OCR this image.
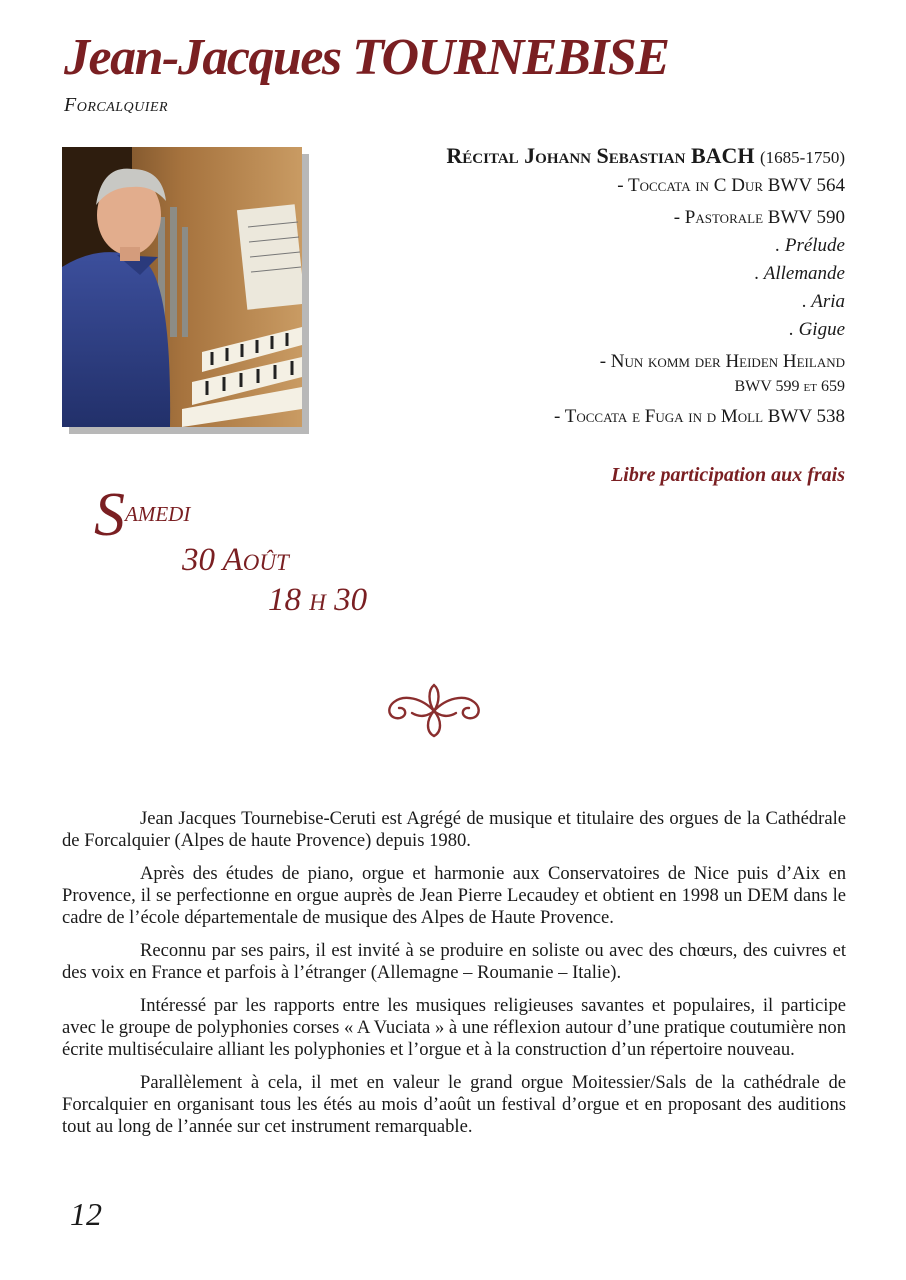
Jean-Jacques TOURNEBISE
Forcalquier
Récital Johann Sebastian BACH (1685-1750)
- Toccata in C Dur BWV 564
- Pastorale BWV 590
. Prélude
. Allemande
. Aria
. Gigue
- Nun komm der Heiden Heiland
BWV 599 et 659
- Toccata e Fuga in d Moll BWV 538
Libre participation aux frais
Samedi
30 Août
18 h 30

Jean Jacques Tournebise-Ceruti est Agrégé de musique et titulaire des orgues de la Cathédrale de Forcalquier (Alpes de haute Provence) depuis 1980.

Après des études de piano, orgue et harmonie aux Conservatoires de Nice puis d’Aix en Provence, il se perfectionne en orgue auprès de Jean Pierre Lecaudey et obtient en 1998 un DEM dans le cadre de l’école départementale de musique des Alpes de Haute Provence.

Reconnu par ses pairs, il est invité à se produire en soliste ou avec des chœurs, des cuivres et des voix en France et parfois à l’étranger (Allemagne – Roumanie – Italie).

Intéressé par les rapports entre les musiques religieuses savantes et populaires, il participe avec le groupe de polyphonies corses « A Vuciata » à une réflexion autour d’une pratique coutumière non écrite multiséculaire alliant les polyphonies et l’orgue et à la construction d’un répertoire nouveau.

Parallèlement à cela, il met en valeur le grand orgue Moitessier/Sals de la cathédrale de Forcalquier en organisant tous les étés au mois d’août un festival d’orgue et en proposant des auditions tout au long de l’année sur cet instrument remarquable.

12
